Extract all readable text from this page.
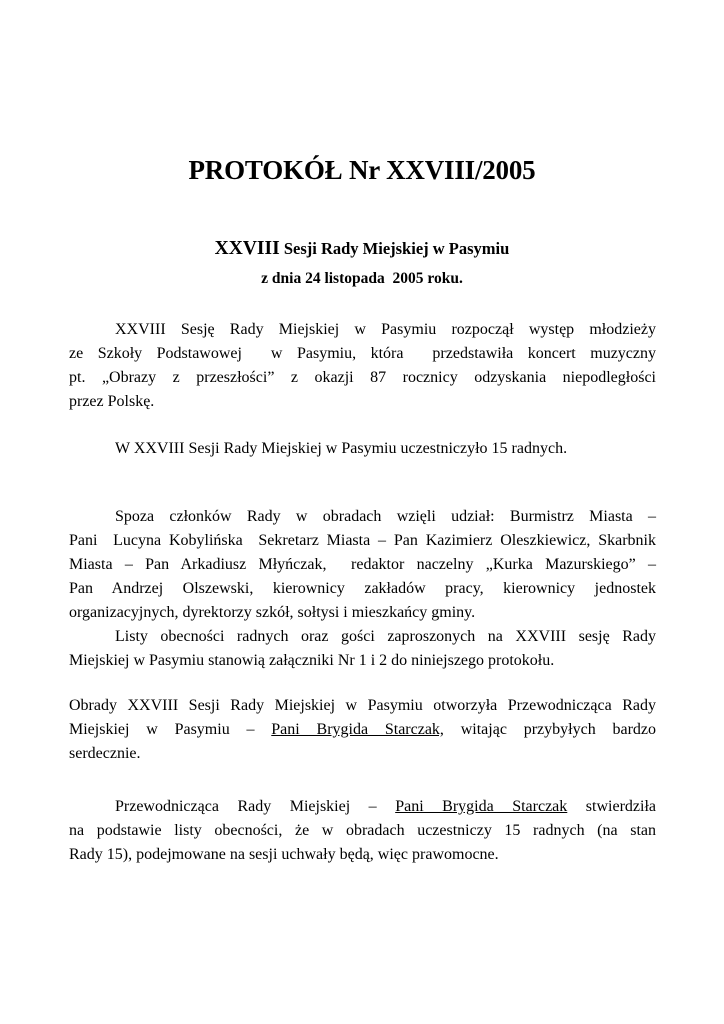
PROTOKÓŁ Nr XXVIII/2005
XXVIII Sesji Rady Miejskiej w Pasymiu
z dnia 24 listopada  2005 roku.
XXVIII Sesję Rady Miejskiej w Pasymiu rozpoczął występ młodzieży
ze Szkoły Podstawowej  w Pasymiu, która  przedstawiła koncert muzyczny
pt. „Obrazy z przeszłości” z okazji 87 rocznicy odzyskania niepodległości
przez Polskę.
W XXVIII Sesji Rady Miejskiej w Pasymiu uczestniczyło 15 radnych.
Spoza członków Rady w obradach wzięli udział: Burmistrz Miasta –
Pani  Lucyna Kobylińska  Sekretarz Miasta – Pan Kazimierz Oleszkiewicz, Skarbnik
Miasta – Pan Arkadiusz Młyńczak,  redaktor naczelny „Kurka Mazurskiego” –
Pan Andrzej Olszewski, kierownicy zakładów pracy, kierownicy jednostek
organizacyjnych, dyrektorzy szkół, sołtysi i mieszkańcy gminy.
Listy obecności radnych oraz gości zaproszonych na XXVIII sesję Rady
Miejskiej w Pasymiu stanowią załączniki Nr 1 i 2 do niniejszego protokołu.
Obrady XXVIII Sesji Rady Miejskiej w Pasymiu otworzyła Przewodnicząca Rady
Miejskiej w Pasymiu – Pani Brygida Starczak, witając przybyłych bardzo
serdecznie.
Przewodnicząca Rady Miejskiej – Pani Brygida Starczak stwierdziła
na podstawie listy obecności, że w obradach uczestniczy 15 radnych (na stan
Rady 15), podejmowane na sesji uchwały będą, więc prawomocne.
